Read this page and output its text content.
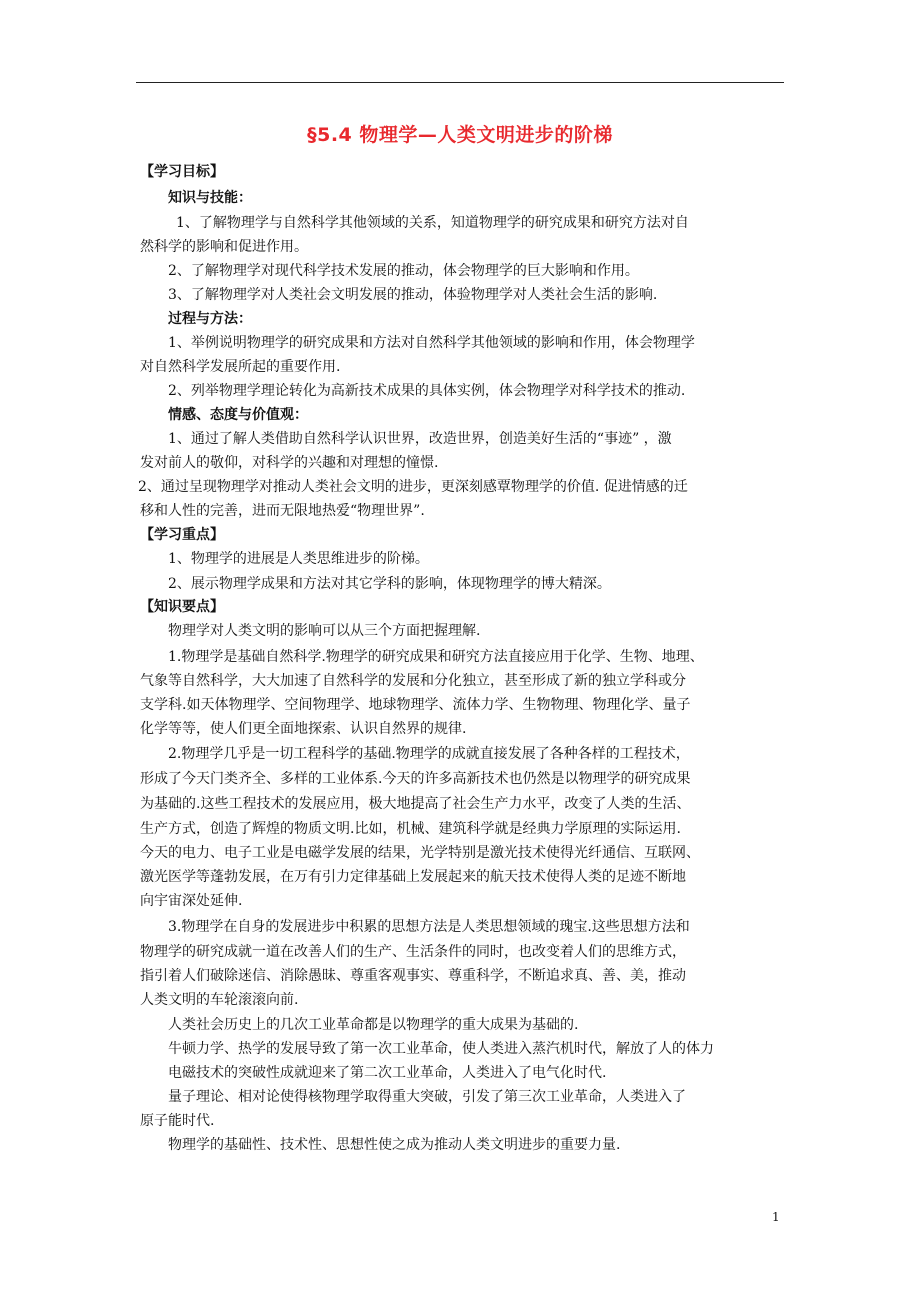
§5.4 物理学—人类文明进步的阶梯
【学习目标】
知识与技能：
1、了解物理学与自然科学其他领域的关系，知道物理学的研究成果和研究方法对自
然科学的影响和促进作用。
2、了解物理学对现代科学技术发展的推动，体会物理学的巨大影响和作用。
3、了解物理学对人类社会文明发展的推动，体验物理学对人类社会生活的影响.
过程与方法：
1、举例说明物理学的研究成果和方法对自然科学其他领域的影响和作用，体会物理学
对自然科学发展所起的重要作用.
2、列举物理学理论转化为高新技术成果的具体实例，体会物理学对科学技术的推动.
情感、态度与价值观：
1、通过了解人类借助自然科学认识世界，改造世界，创造美好生活的“事迹” ，激
发对前人的敬仰，对科学的兴趣和对理想的憧憬.
2、通过呈现物理学对推动人类社会文明的进步，更深刻感覃物理学的价值. 促进情感的迁
移和人性的完善，进而无限地热爱“物理世界”.
【学习重点】
1、物理学的进展是人类思维进步的阶梯。
2、展示物理学成果和方法对其它学科的影响，体现物理学的博大精深。
【知识要点】
物理学对人类文明的影响可以从三个方面把握理解.
1.物理学是基础自然科学.物理学的研究成果和研究方法直接应用于化学、生物、地理、
气象等自然科学，大大加速了自然科学的发展和分化独立，甚至形成了新的独立学科或分
支学科.如天体物理学、空间物理学、地球物理学、流体力学、生物物理、物理化学、量子
化学等等，使人们更全面地探索、认识自然界的规律.
2.物理学几乎是一切工程科学的基础.物理学的成就直接发展了各种各样的工程技术，
形成了今天门类齐全、多样的工业体系.今天的许多高新技术也仍然是以物理学的研究成果
为基础的.这些工程技术的发展应用，极大地提高了社会生产力水平，改变了人类的生活、
生产方式，创造了辉煌的物质文明.比如，机械、建筑科学就是经典力学原理的实际运用.
今天的电力、电子工业是电磁学发展的结果，光学特别是激光技术使得光纤通信、互联网、
激光医学等蓬勃发展，在万有引力定律基础上发展起来的航天技术使得人类的足迹不断地
向宇宙深处延伸.
3.物理学在自身的发展进步中积累的思想方法是人类思想领域的瑰宝.这些思想方法和
物理学的研究成就一道在改善人们的生产、生活条件的同时，也改变着人们的思维方式，
指引着人们破除迷信、消除愚昧、尊重客观事实、尊重科学，不断追求真、善、美，推动
人类文明的车轮滚滚向前.
人类社会历史上的几次工业革命都是以物理学的重大成果为基础的.
牛顿力学、热学的发展导致了第一次工业革命，使人类进入蒸汽机时代，解放了人的体力
电磁技术的突破性成就迎来了第二次工业革命，人类进入了电气化时代.
量子理论、相对论使得核物理学取得重大突破，引发了第三次工业革命，人类进入了
原子能时代.
物理学的基础性、技术性、思想性使之成为推动人类文明进步的重要力量.
1
